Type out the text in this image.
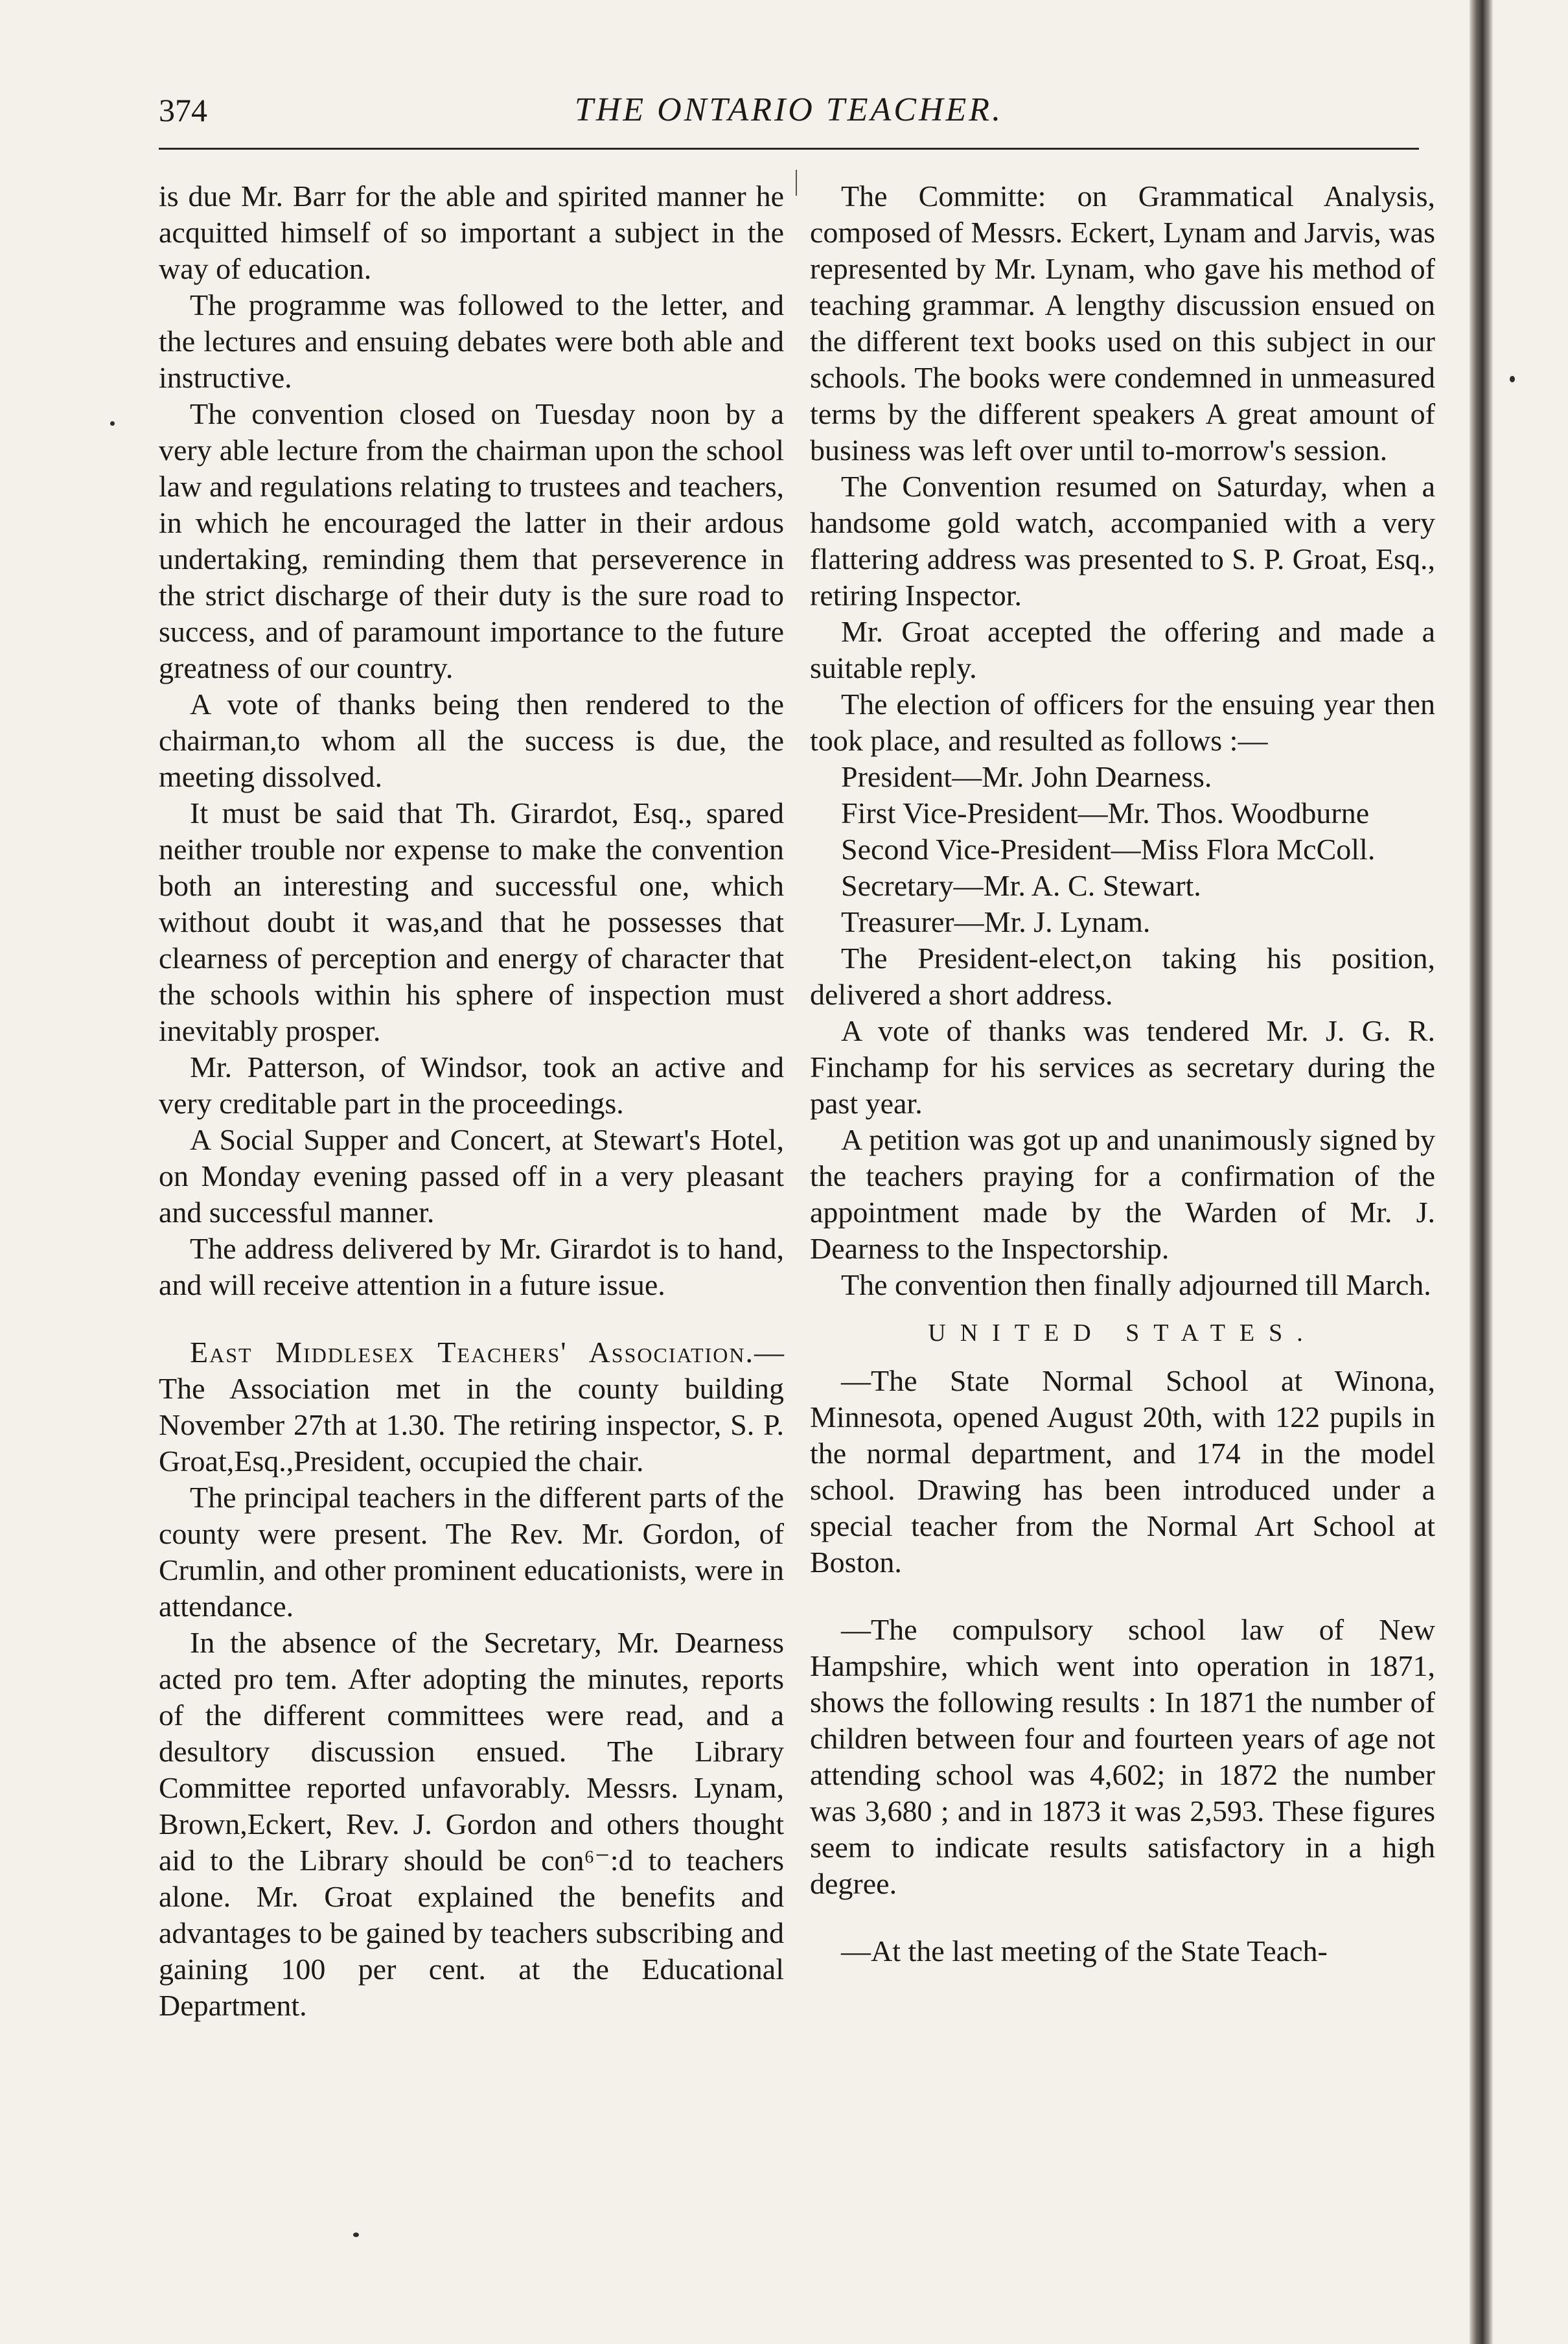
374	THE ONTARIO TEACHER.

is due Mr. Barr for the able and spirited manner he acquitted himself of so important a subject in the way of education.

The programme was followed to the letter, and the lectures and ensuing debates were both able and instructive.

The convention closed on Tuesday noon by a very able lecture from the chairman upon the school law and regulations relating to trustees and teachers, in which he encouraged the latter in their ardous undertaking, reminding them that perseverence in the strict discharge of their duty is the sure road to success, and of paramount importance to the future greatness of our country.

A vote of thanks being then rendered to the chairman,to whom all the success is due, the meeting dissolved.

It must be said that Th. Girardot, Esq., spared neither trouble nor expense to make the convention both an interesting and successful one, which without doubt it was,and that he possesses that clearness of perception and energy of character that the schools within his sphere of inspection must inevitably prosper.

Mr. Patterson, of Windsor, took an active and very creditable part in the proceedings.

A Social Supper and Concert, at Stewart's Hotel, on Monday evening passed off in a very pleasant and successful manner.

The address delivered by Mr. Girardot is to hand, and will receive attention in a future issue.

East Middlesex Teachers' Association.—The Association met in the county building November 27th at 1.30. The retiring inspector, S. P. Groat,Esq.,President, occupied the chair.

The principal teachers in the different parts of the county were present. The Rev. Mr. Gordon, of Crumlin, and other prominent educationists, were in attendance.

In the absence of the Secretary, Mr. Dearness acted pro tem. After adopting the minutes, reports of the different committees were read, and a desultory discussion ensued. The Library Committee reported unfavorably. Messrs. Lynam, Brown,Eckert, Rev. J. Gordon and others thought aid to the Library should be con⁶⁻:d to teachers alone. Mr. Groat explained the benefits and advantages to be gained by teachers subscribing and gaining 100 per cent. at the Educational Department.

The Committe: on Grammatical Analysis, composed of Messrs. Eckert, Lynam and Jarvis, was represented by Mr. Lynam, who gave his method of teaching grammar. A lengthy discussion ensued on the different text books used on this subject in our schools. The books were condemned in unmeasured terms by the different speakers A great amount of business was left over until to-morrow's session.

The Convention resumed on Saturday, when a handsome gold watch, accompanied with a very flattering address was presented to S. P. Groat, Esq., retiring Inspector.

Mr. Groat accepted the offering and made a suitable reply.

The election of officers for the ensuing year then took place, and resulted as follows :—

President—Mr. John Dearness.

First Vice-President—Mr. Thos. Woodburne

Second Vice-President—Miss Flora McColl.

Secretary—Mr. A. C. Stewart.

Treasurer—Mr. J. Lynam.

The President-elect,on taking his position, delivered a short address.

A vote of thanks was tendered Mr. J. G. R. Finchamp for his services as secretary during the past year.

A petition was got up and unanimously signed by the teachers praying for a confirmation of the appointment made by the Warden of Mr. J. Dearness to the Inspectorship.

The convention then finally adjourned till March.

UNITED STATES.

—The State Normal School at Winona, Minnesota, opened August 20th, with 122 pupils in the normal department, and 174 in the model school. Drawing has been introduced under a special teacher from the Normal Art School at Boston.

—The compulsory school law of New Hampshire, which went into operation in 1871, shows the following results : In 1871 the number of children between four and fourteen years of age not attending school was 4,602; in 1872 the number was 3,680 ; and in 1873 it was 2,593. These figures seem to indicate results satisfactory in a high degree.

—At the last meeting of the State Teach-
